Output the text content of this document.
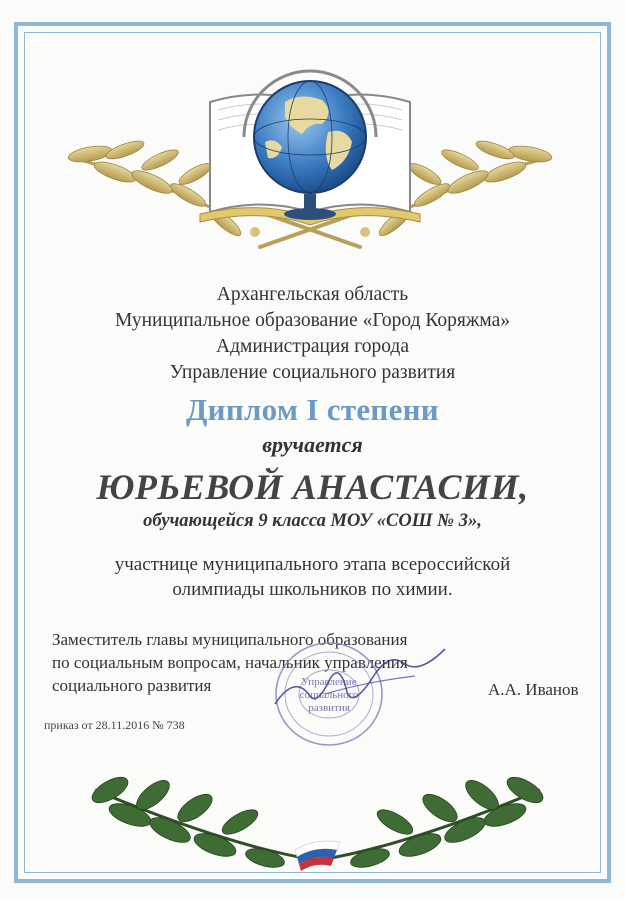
Архангельская область
Муниципальное образование «Город Коряжма»
Администрация города
Управление социального развития
Диплом I степени
вручается
ЮРЬЕВОЙ АНАСТАСИИ,
обучающейся 9 класса МОУ «СОШ № 3»,
участнице муниципального этапа всероссийской
олимпиады школьников по химии.
Заместитель главы муниципального образования
по социальным вопросам, начальник управления
социального развития	А.А. Иванов
Управление
социального
развития
приказ от 28.11.2016 № 738
